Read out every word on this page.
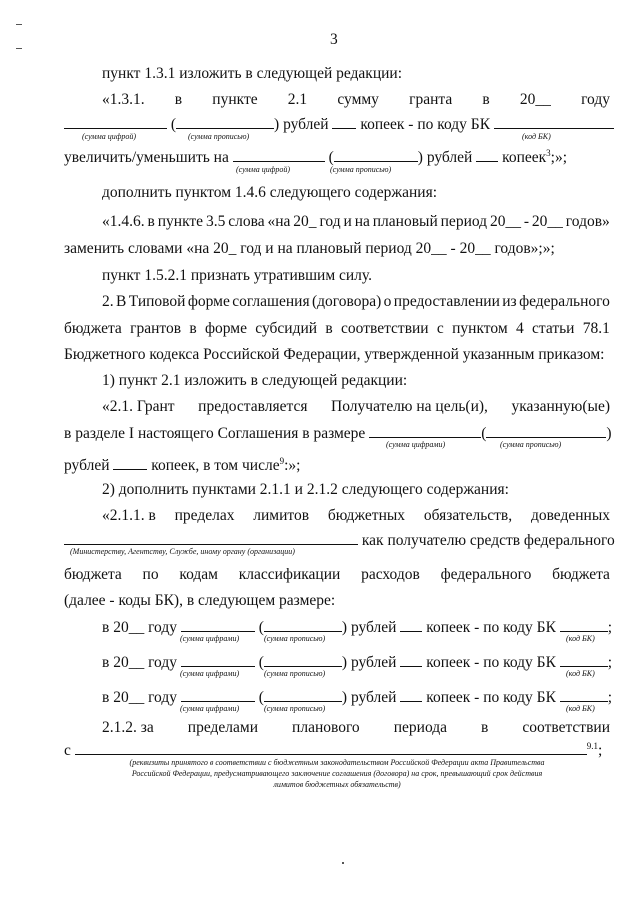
3
пункт 1.3.1 изложить в следующей редакции:
«1.3.1. в пункте 2.1 сумму гранта в 20__ году
(	) рублей копеек - по коду БК
(сумма цифрой)	(сумма прописью)	(код БК)
увеличить/уменьшить на	(	) рублей копеек$^3$;»;
(сумма цифрой)	(сумма прописью)
дополнить пунктом 1.4.6 следующего содержания:
«1.4.6. в пункте 3.5 слова «на 20_ год и на плановый период 20__ - 20__ годов»
заменить словами «на 20_ год и на плановый период 20__ - 20__ годов»;»;
пункт 1.5.2.1 признать утратившим силу.
2. В Типовой форме соглашения (договора) о предоставлении из федерального
бюджета грантов в форме субсидий в соответствии с пунктом 4 статьи 78.1
Бюджетного кодекса Российской Федерации, утвержденной указанным приказом:
1) пункт 2.1 изложить в следующей редакции:
«2.1. Грант предоставляется Получателю на цель(и), указанную(ые)
в разделе I настоящего Соглашения в размере	(	)
(сумма цифрами)	(сумма прописью)
рублей	копеек, в том числе$^9$:»;
2) дополнить пунктами 2.1.1 и 2.1.2 следующего содержания:
«2.1.1. в пределах лимитов бюджетных обязательств, доведенных
как получателю средств федерального
(Министерству, Агентству, Службе, иному органу (организации)
бюджета по кодам классификации расходов федерального бюджета
(далее - коды БК), в следующем размере:
в 20__ году	(	) рублей копеек - по коду БК	;
(сумма цифрами)	(сумма прописью)	(код БК)
в 20__ году	(	) рублей копеек - по коду БК	;
(сумма цифрами)	(сумма прописью)	(код БК)
в 20__ году	(	) рублей копеек - по коду БК	;
(сумма цифрами)	(сумма прописью)	(код БК)
2.1.2. за пределами планового периода в соответствии
с	$^{9.1}$;
(реквизиты принятого в соответствии с бюджетным законодательством Российской Федерации акта Правительства
Российской Федерации, предусматривающего заключение соглашения (договора) на срок, превышающий срок действия
лимитов бюджетных обязательств)
